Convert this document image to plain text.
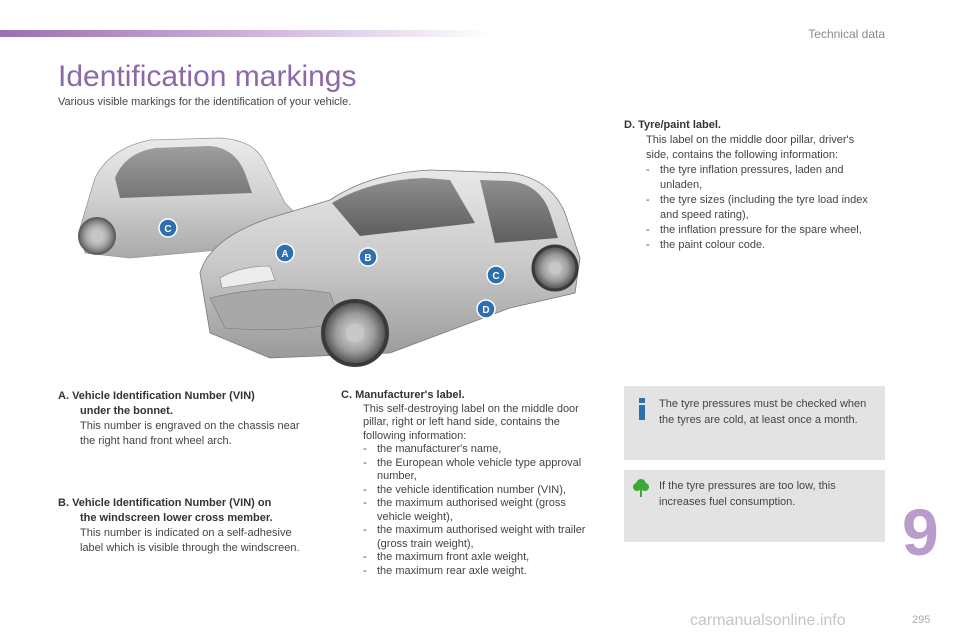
Technical data
Identification markings
Various visible markings for the identification of your vehicle.
A	B
C
C
D

D. Tyre/paint label.

This label on the middle door pillar, driver's side, contains the following information:

- the tyre inflation pressures, laden and unladen,
- the tyre sizes (including the tyre load index and speed rating),
- the inflation pressure for the spare wheel,
- the paint colour code.

A. Vehicle Identification Number (VIN)

under the bonnet.

This number is engraved on the chassis near the right hand front wheel arch.

B. Vehicle Identification Number (VIN) on

the windscreen lower cross member.

This number is indicated on a self-adhesive label which is visible through the windscreen.

C. Manufacturer's label.

This self-destroying label on the middle door pillar, right or left hand side, contains the following information:

- the manufacturer's name,
- the European whole vehicle type approval number,
- the vehicle identification number (VIN),
- the maximum authorised weight (gross vehicle weight),
- the maximum authorised weight with trailer (gross train weight),
- the maximum front axle weight,
- the maximum rear axle weight.
The tyre pressures must be checked when the tyres are cold, at least once a month.
If the tyre pressures are too low, this increases fuel consumption.	9
carmanualsonline.info	295
